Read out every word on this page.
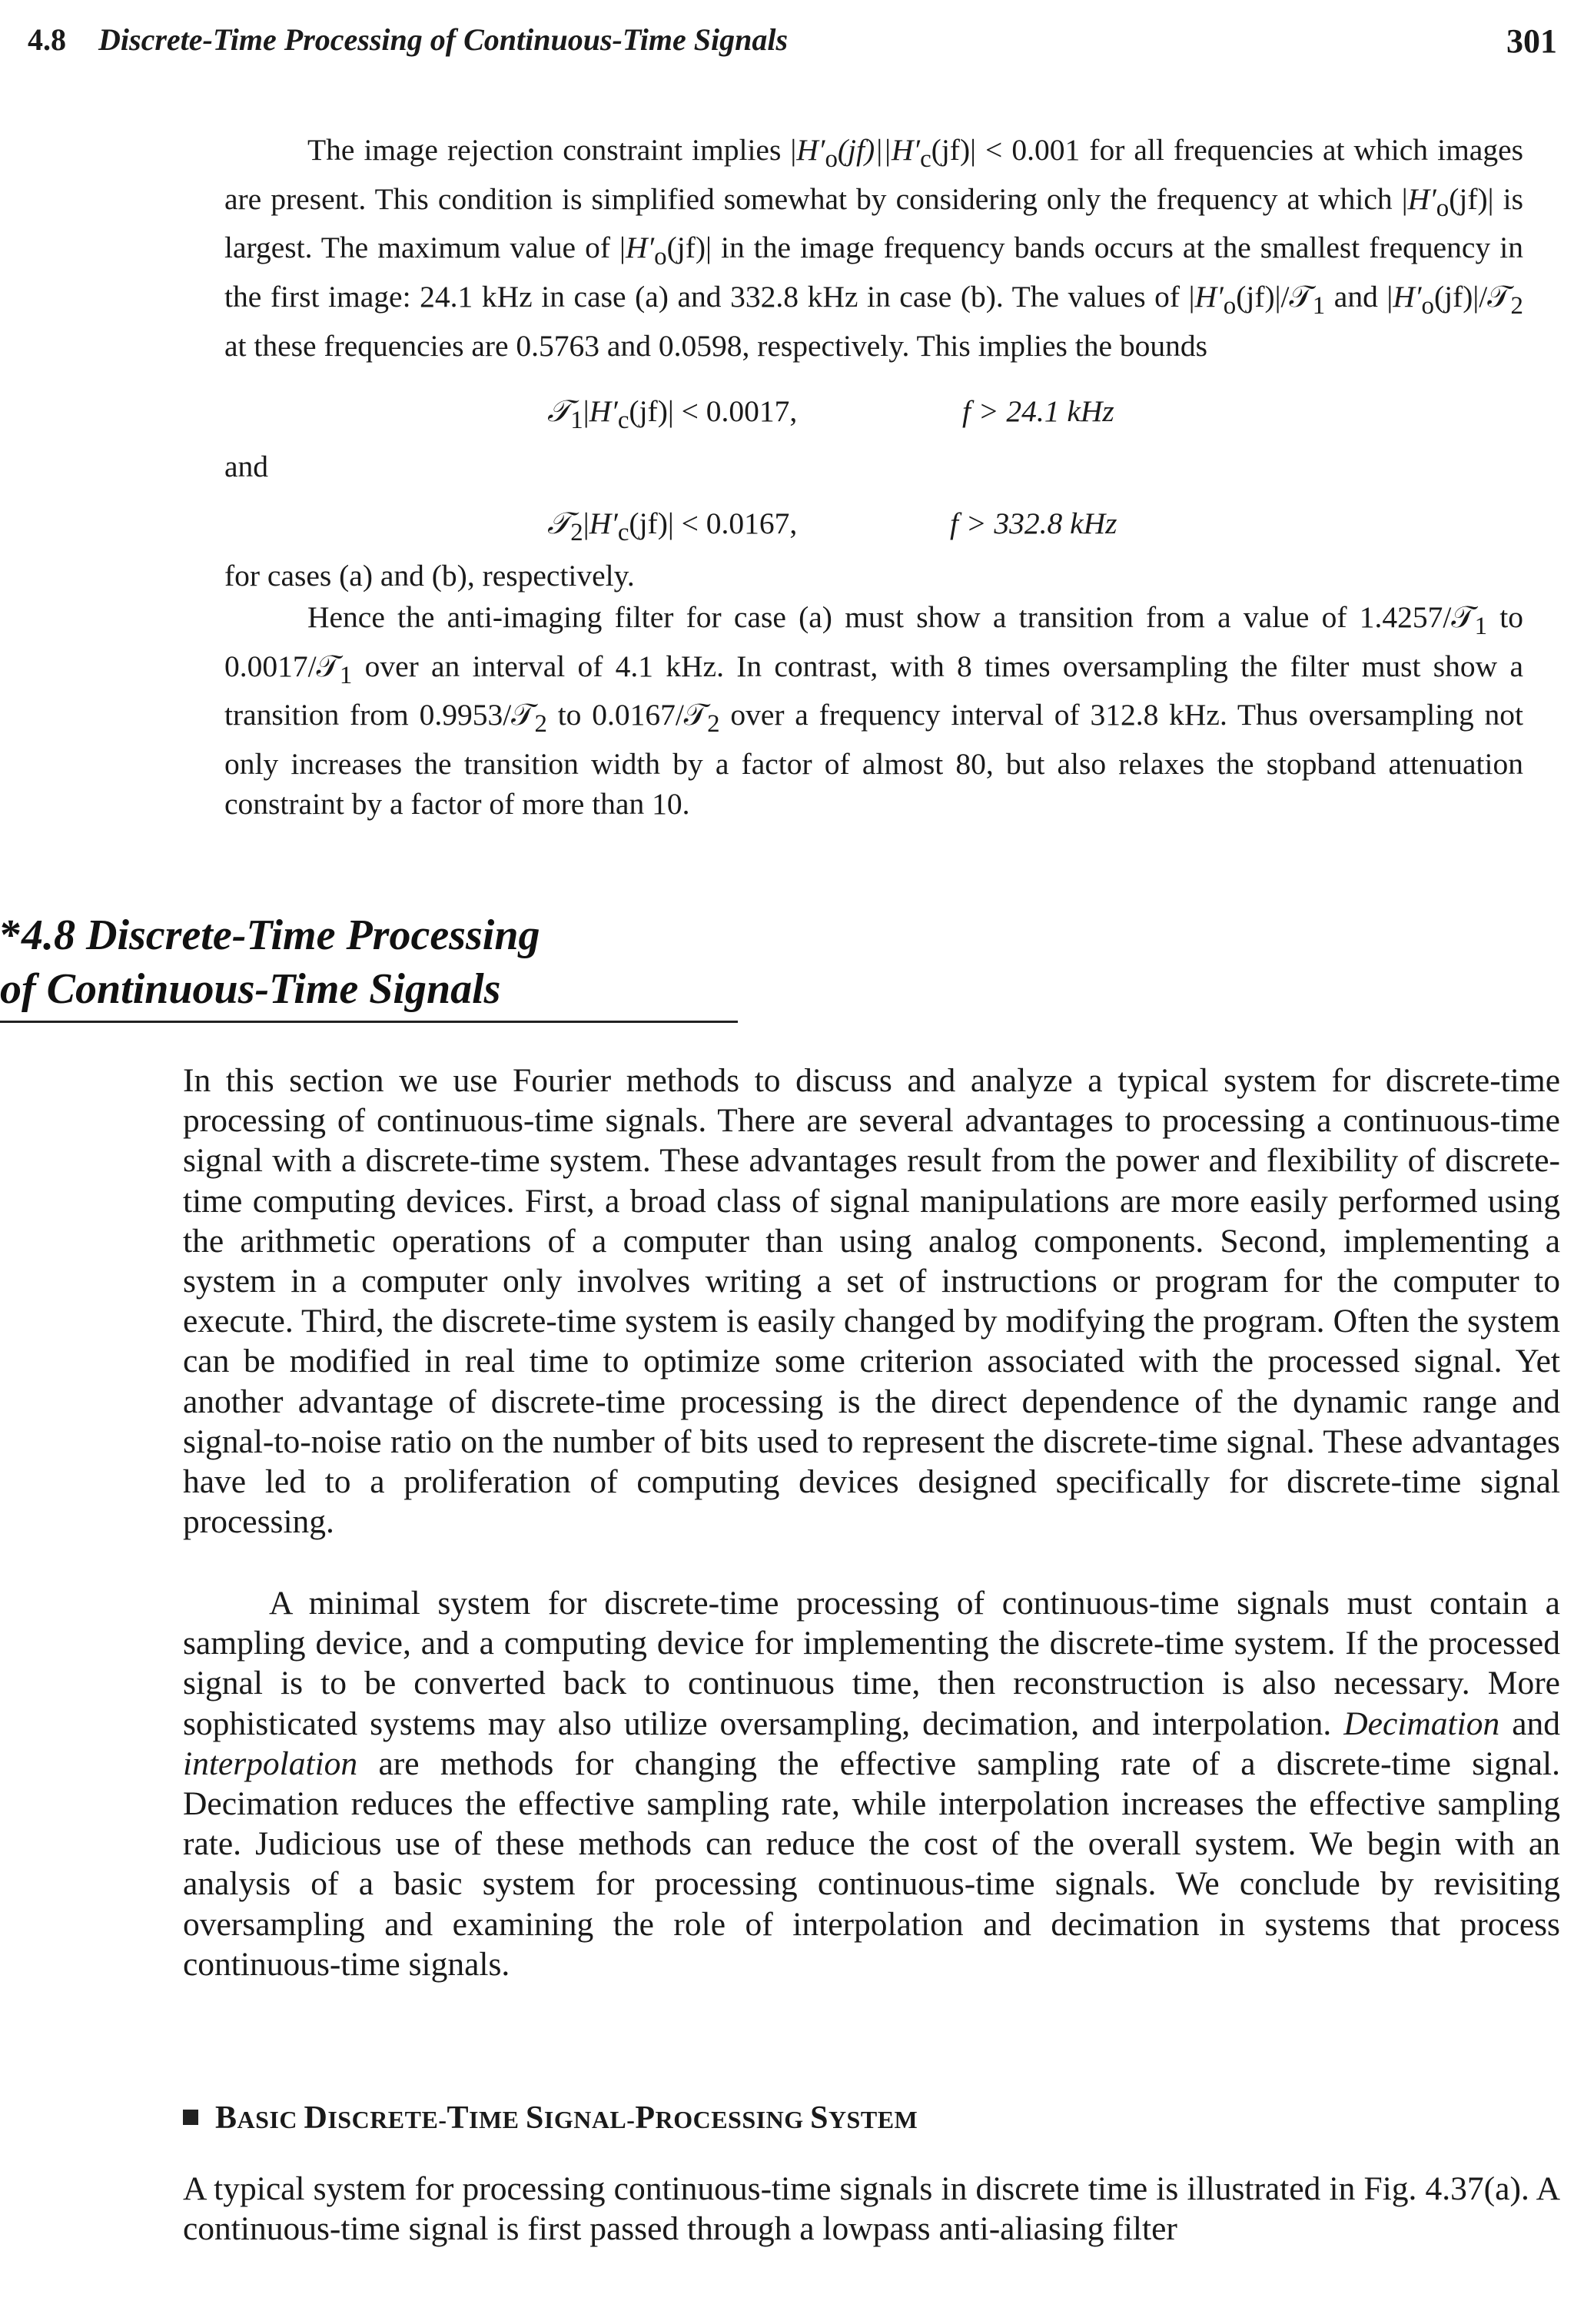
4.8 Discrete-Time Processing of Continuous-Time Signals	301
The image rejection constraint implies $|H'_o(jf)||H'_c(jf)| < 0.001$ for all frequencies at which images are present. This condition is simplified somewhat by considering only the frequency at which $|H'_o(jf)|$ is largest. The maximum value of $|H'_o(jf)|$ in the image frequency bands occurs at the smallest frequency in the first image: 24.1 kHz in case (a) and 332.8 kHz in case (b). The values of $|H'_o(jf)|/𝒯_1$ and $|H'_o(jf)|/𝒯_2$ at these frequencies are 0.5763 and 0.0598, respectively. This implies the bounds
$𝒯_1|H'_c(jf)| < 0.0017$,	f > 24.1 kHz
and
$𝒯_2|H'_c(jf)| < 0.0167$,	f > 332.8 kHz
for cases (a) and (b), respectively.
Hence the anti-imaging filter for case (a) must show a transition from a value of 1.4257/𝒯$_1$ to 0.0017/𝒯$_1$ over an interval of 4.1 kHz. In contrast, with 8 times oversampling the filter must show a transition from 0.9953/𝒯$_2$ to 0.0167/𝒯$_2$ over a frequency interval of 312.8 kHz. Thus oversampling not only increases the transition width by a factor of almost 80, but also relaxes the stopband attenuation constraint by a factor of more than 10.
*4.8 Discrete-Time Processing
of Continuous-Time Signals
In this section we use Fourier methods to discuss and analyze a typical system for discrete-time processing of continuous-time signals. There are several advantages to processing a continuous-time signal with a discrete-time system. These advantages result from the power and flexibility of discrete-time computing devices. First, a broad class of signal manipulations are more easily performed using the arithmetic operations of a computer than using analog components. Second, implementing a system in a computer only involves writing a set of instructions or program for the computer to execute. Third, the discrete-time system is easily changed by modifying the program. Often the system can be modified in real time to optimize some criterion associated with the processed signal. Yet another advantage of discrete-time processing is the direct dependence of the dynamic range and signal-to-noise ratio on the number of bits used to represent the discrete-time signal. These advantages have led to a proliferation of computing devices designed specifically for discrete-time signal processing.
A minimal system for discrete-time processing of continuous-time signals must contain a sampling device, and a computing device for implementing the discrete-time system. If the processed signal is to be converted back to continuous time, then reconstruction is also necessary. More sophisticated systems may also utilize oversampling, decimation, and interpolation. Decimation and interpolation are methods for changing the effective sampling rate of a discrete-time signal. Decimation reduces the effective sampling rate, while interpolation increases the effective sampling rate. Judicious use of these methods can reduce the cost of the overall system. We begin with an analysis of a basic system for processing continuous-time signals. We conclude by revisiting oversampling and examining the role of interpolation and decimation in systems that process continuous-time signals.
BASIC DISCRETE-TIME SIGNAL-PROCESSING SYSTEM
A typical system for processing continuous-time signals in discrete time is illustrated in Fig. 4.37(a). A continuous-time signal is first passed through a lowpass anti-aliasing filter
